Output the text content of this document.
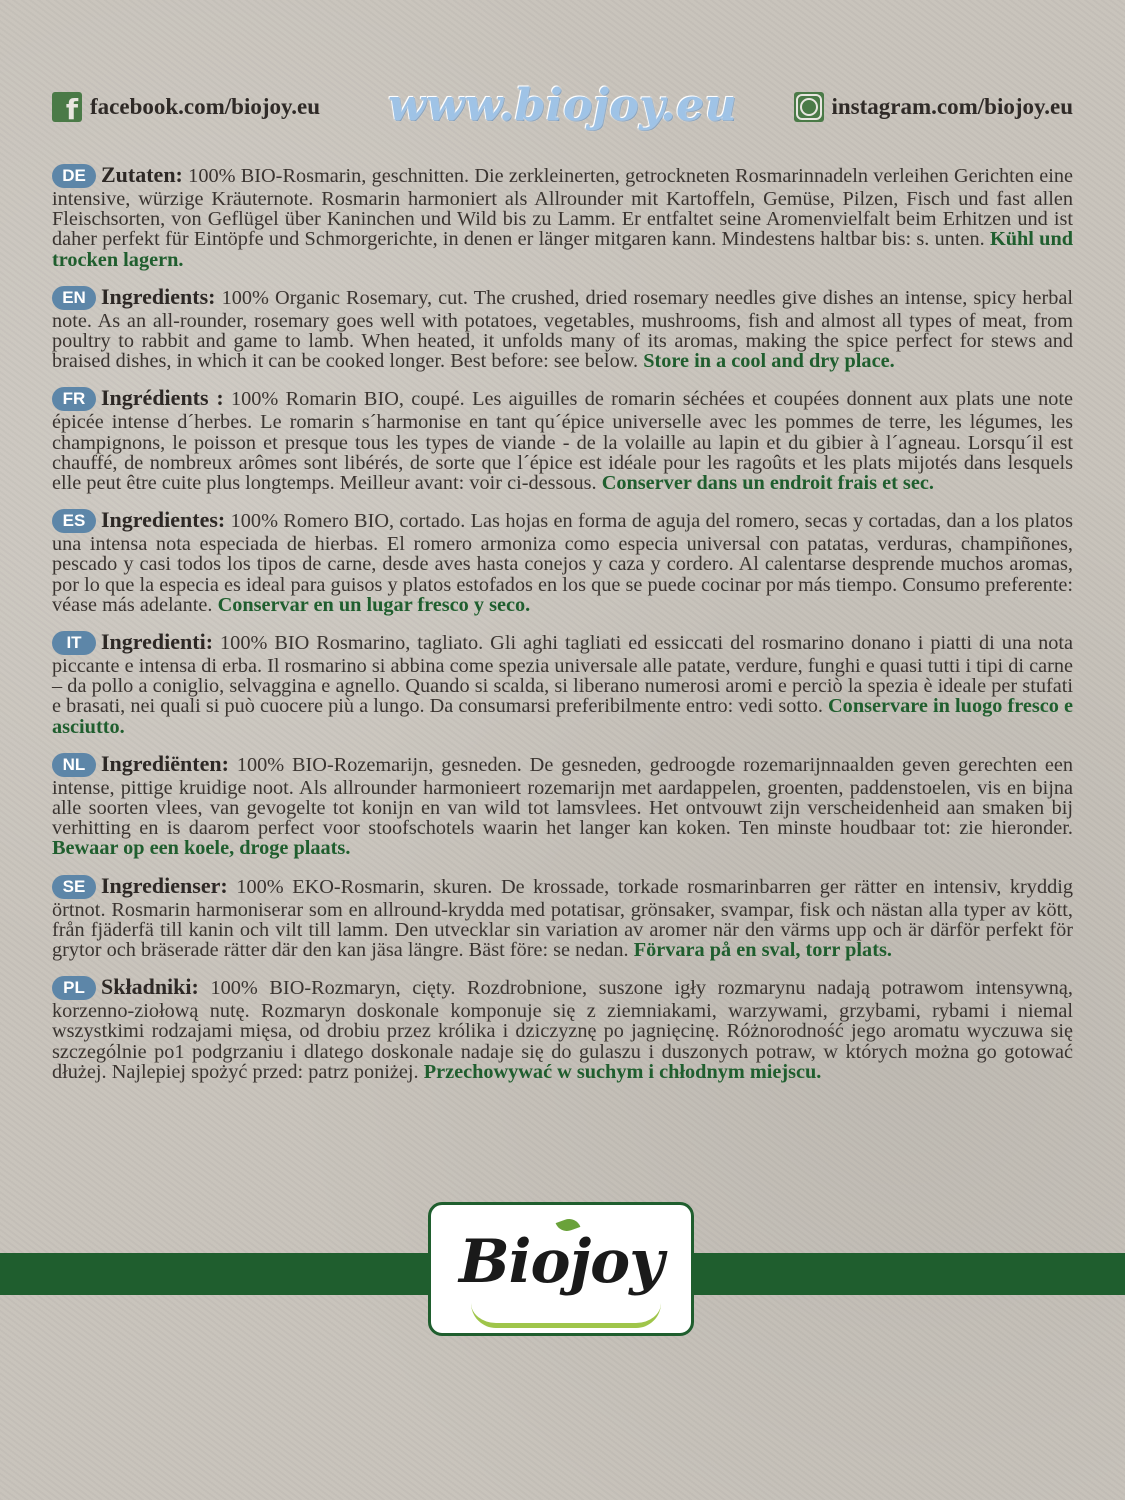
f
facebook.com/biojoy.eu	www.biojoy.eu	instagram.com/biojoy.eu
DE Zutaten: 100% BIO-Rosmarin, geschnitten. Die zerkleinerten, getrockneten Rosmarinnadeln verleihen Gerichten eine intensive, würzige Kräuternote. Rosmarin harmoniert als Allrounder mit Kartoffeln, Gemüse, Pilzen, Fisch und fast allen Fleischsorten, von Geflügel über Kaninchen und Wild bis zu Lamm. Er entfaltet seine Aromenvielfalt beim Erhitzen und ist daher perfekt für Eintöpfe und Schmorgerichte, in denen er länger mitgaren kann. Mindestens haltbar bis: s. unten. Kühl und trocken lagern.
EN Ingredients: 100% Organic Rosemary, cut. The crushed, dried rosemary needles give dishes an intense, spicy herbal note. As an all-rounder, rosemary goes well with potatoes, vegetables, mushrooms, fish and almost all types of meat, from poultry to rabbit and game to lamb. When heated, it unfolds many of its aromas, making the spice perfect for stews and braised dishes, in which it can be cooked longer. Best before: see below. Store in a cool and dry place.
FR Ingrédients : 100% Romarin BIO, coupé. Les aiguilles de romarin séchées et coupées donnent aux plats une note épicée intense d´herbes. Le romarin s´harmonise en tant qu´épice universelle avec les pommes de terre, les légumes, les champignons, le poisson et presque tous les types de viande - de la volaille au lapin et du gibier à l´agneau. Lorsqu´il est chauffé, de nombreux arômes sont libérés, de sorte que l´épice est idéale pour les ragoûts et les plats mijotés dans lesquels elle peut être cuite plus longtemps. Meilleur avant: voir ci-dessous. Conserver dans un endroit frais et sec.
ES Ingredientes: 100% Romero BIO, cortado. Las hojas en forma de aguja del romero, secas y cortadas, dan a los platos una intensa nota especiada de hierbas. El romero armoniza como especia universal con patatas, verduras, champiñones, pescado y casi todos los tipos de carne, desde aves hasta conejos y caza y cordero. Al calentarse desprende muchos aromas, por lo que la especia es ideal para guisos y platos estofados en los que se puede cocinar por más tiempo. Consumo preferente: véase más adelante. Conservar en un lugar fresco y seco.
IT Ingredienti: 100% BIO Rosmarino, tagliato. Gli aghi tagliati ed essiccati del rosmarino donano i piatti di una nota piccante e intensa di erba. Il rosmarino si abbina come spezia universale alle patate, verdure, funghi e quasi tutti i tipi di carne – da pollo a coniglio, selvaggina e agnello. Quando si scalda, si liberano numerosi aromi e perciò la spezia è ideale per stufati e brasati, nei quali si può cuocere più a lungo. Da consumarsi preferibilmente entro: vedi sotto. Conservare in luogo fresco e asciutto.
NL Ingrediënten: 100% BIO-Rozemarijn, gesneden. De gesneden, gedroogde rozemarijnnaalden geven gerechten een intense, pittige kruidige noot. Als allrounder harmonieert rozemarijn met aardappelen, groenten, paddenstoelen, vis en bijna alle soorten vlees, van gevogelte tot konijn en van wild tot lamsvlees. Het ontvouwt zijn verscheidenheid aan smaken bij verhitting en is daarom perfect voor stoofschotels waarin het langer kan koken. Ten minste houdbaar tot: zie hieronder. Bewaar op een koele, droge plaats.
SE Ingredienser: 100% EKO-Rosmarin, skuren. De krossade, torkade rosmarinbarren ger rätter en intensiv, kryddig örtnot. Rosmarin harmoniserar som en allround-krydda med potatisar, grönsaker, svampar, fisk och nästan alla typer av kött, från fjäderfä till kanin och vilt till lamm. Den utvecklar sin variation av aromer när den värms upp och är därför perfekt för grytor och bräserade rätter där den kan jäsa längre. Bäst före: se nedan. Förvara på en sval, torr plats.
PL Składniki: 100% BIO-Rozmaryn, cięty. Rozdrobnione, suszone igły rozmarynu nadają potrawom intensywną, korzenno-ziołową nutę. Rozmaryn doskonale komponuje się z ziemniakami, warzywami, grzybami, rybami i niemal wszystkimi rodzajami mięsa, od drobiu przez królika i dziczyznę po jagnięcinę. Różnorodność jego aromatu wyczuwa się szczególnie po1 podgrzaniu i dlatego doskonale nadaje się do gulaszu i duszonych potraw, w których można go gotować dłużej. Najlepiej spożyć przed: patrz poniżej. Przechowywać w suchym i chłodnym miejscu.
Biojoy
